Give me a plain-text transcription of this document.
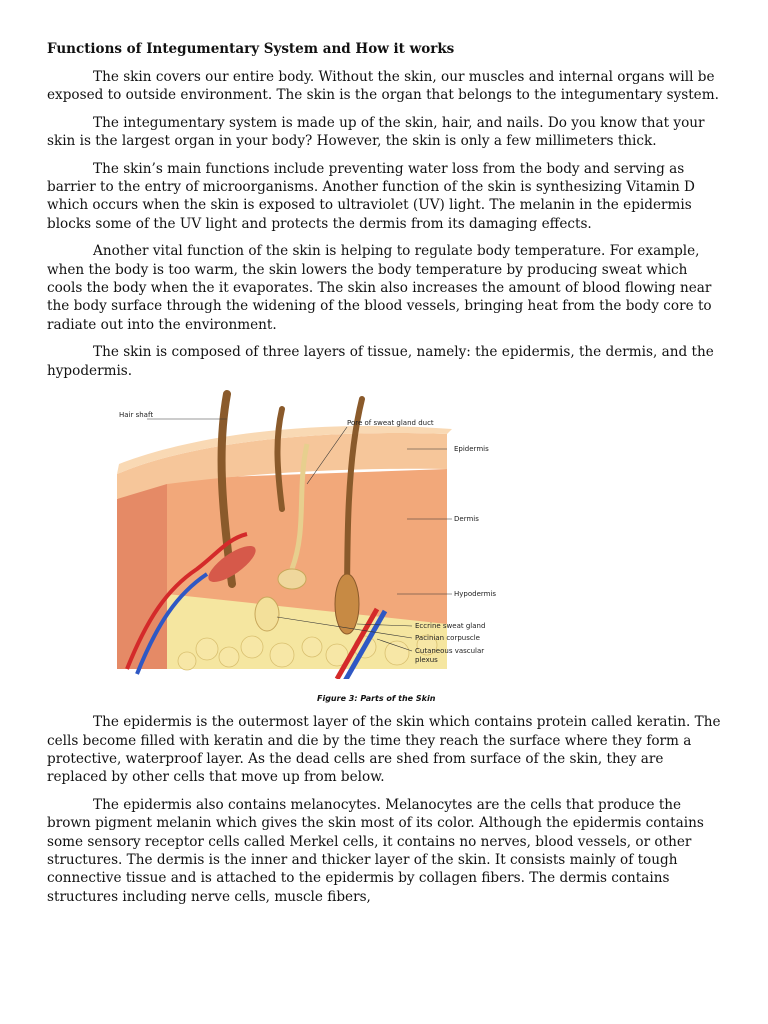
Functions of Integumentary System and How it works

The skin covers our entire body. Without the skin, our muscles and internal organs will be exposed to outside environment. The skin is the organ that belongs to the integumentary system.

The integumentary system is made up of the skin, hair, and nails. Do you know that your skin is the largest organ in your body? However, the skin is only a few millimeters thick.

The skin’s main functions include preventing water loss from the body and serving as barrier to the entry of microorganisms. Another function of the skin is synthesizing Vitamin D which occurs when the skin is exposed to ultraviolet (UV) light. The melanin in the epidermis blocks some of the UV light and protects the dermis from its damaging effects.

Another vital function of the skin is helping to regulate body temperature. For example, when the body is too warm, the skin lowers the body temperature by producing sweat which cools the body when the it evaporates. The skin also increases the amount of blood flowing near the body surface through the widening of the blood vessels, bringing heat from the body core to radiate out into the environment.

The skin is composed of three layers of tissue, namely: the epidermis, the dermis, and the hypodermis.

Hair shaft
Pore of sweat gland duct
Epidermis
Dermis
Hypodermis
Eccrine sweat gland
Pacinian corpuscle
Cutaneous vascular
plexus
Figure 3: Parts of the Skin

The epidermis is the outermost layer of the skin which contains protein called keratin. The cells become filled with keratin and die by the time they reach the surface where they form a protective, waterproof layer. As the dead cells are shed from surface of the skin, they are replaced by other cells that move up from below.

The epidermis also contains melanocytes. Melanocytes are the cells that produce the brown pigment melanin which gives the skin most of its color. Although the epidermis contains some sensory receptor cells called Merkel cells, it contains no nerves, blood vessels, or other structures. The dermis is the inner and thicker layer of the skin. It consists mainly of tough connective tissue and is attached to the epidermis by collagen fibers. The dermis contains structures including nerve cells, muscle fibers,
